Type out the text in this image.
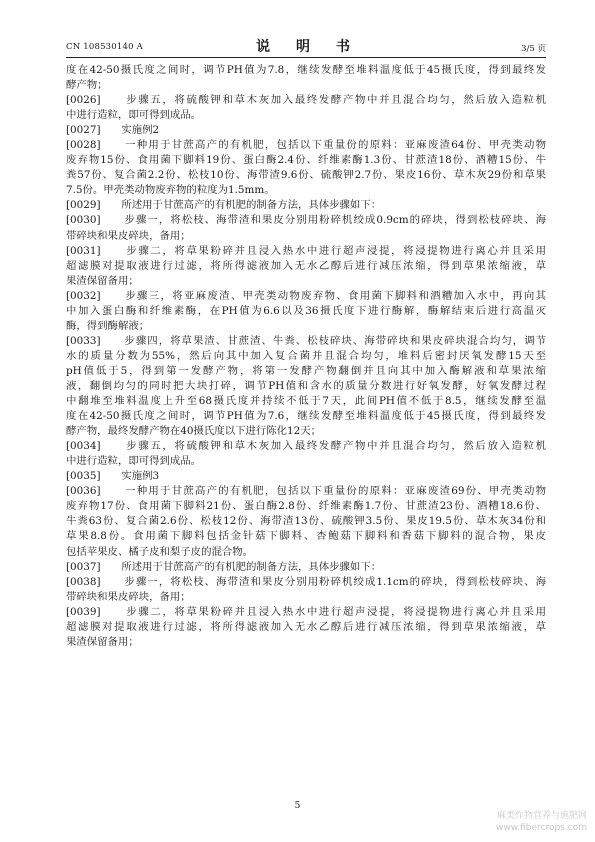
CN 108530140 A	说　明　书	3/5 页
度在42-50摄氏度之间时，调节PH值为7.8，继续发酵至堆料温度低于45摄氏度，得到最终发
酵产物；
[0026]　　步骤五，将硫酸钾和草木灰加入最终发酵产物中并且混合均匀，然后放入造粒机
中进行造粒，即可得到成品。
[0027]　　实施例2
[0028]　　一种用于甘蔗高产的有机肥，包括以下重量份的原料：亚麻废渣64份、甲壳类动物
废弃物15份、食用菌下脚料19份、蛋白酶2.4份、纤维素酶1.3份、甘蔗渣18份、酒糟15份、牛
粪57份、复合菌2.2份、松枝10份、海带渣9.6份、硫酸钾2.7份、果皮16份、草木灰29份和草果
7.5份。甲壳类动物废弃物的粒度为1.5mm。
[0029]　　所述用于甘蔗高产的有机肥的制备方法，具体步骤如下：
[0030]　　步骤一，将松枝、海带渣和果皮分别用粉碎机绞成0.9cm的碎块，得到松枝碎块、海
带碎块和果皮碎块，备用；
[0031]　　步骤二，将草果粉碎并且浸入热水中进行超声浸提，将浸提物进行离心并且采用
超滤膜对提取液进行过滤，将所得滤液加入无水乙醇后进行减压浓缩，得到草果浓缩液，草
果渣保留备用；
[0032]　　步骤三，将亚麻废渣、甲壳类动物废弃物、食用菌下脚料和酒糟加入水中，再向其
中加入蛋白酶和纤维素酶，在PH值为6.6以及36摄氏度下进行酶解，酶解结束后进行高温灭
酶，得到酶解液；
[0033]　　步骤四，将草果渣、甘蔗渣、牛粪、松枝碎块、海带碎块和果皮碎块混合均匀，调节
水的质量分数为55%，然后向其中加入复合菌并且混合均匀，堆料后密封厌氧发酵15天至
pH值低于5，得到第一发酵产物，将第一发酵产物翻倒并且向其中加入酶解液和草果浓缩
液，翻倒均匀的同时把大块打碎，调节PH值和含水的质量分数进行好氧发酵，好氧发酵过程
中翻堆至堆料温度上升至68摄氏度并持续不低于7天，此间PH值不低于8.5，继续发酵至温
度在42-50摄氏度之间时，调节PH值为7.6，继续发酵至堆料温度低于45摄氏度，得到最终发
酵产物，最终发酵产物在40摄氏度以下进行陈化12天；
[0034]　　步骤五，将硫酸钾和草木灰加入最终发酵产物中并且混合均匀，然后放入造粒机
中进行造粒，即可得到成品。
[0035]　　实施例3
[0036]　　一种用于甘蔗高产的有机肥，包括以下重量份的原料：亚麻废渣69份、甲壳类动物
废弃物17份、食用菌下脚料21份、蛋白酶2.8份、纤维素酶1.7份、甘蔗渣23份、酒糟18.6份、
牛粪63份、复合菌2.6份、松枝12份、海带渣13份、硫酸钾3.5份、果皮19.5份、草木灰34份和
草果8.8份。食用菌下脚料包括金针菇下脚料、杏鲍菇下脚料和香菇下脚料的混合物，果皮
包括苹果皮、橘子皮和梨子皮的混合物。
[0037]　　所述用于甘蔗高产的有机肥的制备方法，具体步骤如下：
[0038]　　步骤一，将松枝、海带渣和果皮分别用粉碎机绞成1.1cm的碎块，得到松枝碎块、海
带碎块和果皮碎块，备用；
[0039]　　步骤二，将草果粉碎并且浸入热水中进行超声浸提，将浸提物进行离心并且采用
超滤膜对提取液进行过滤，将所得滤液加入无水乙醇后进行减压浓缩，得到草果浓缩液，草
果渣保留备用；
5
麻类作物营养与施肥网
www.fibercrops.com
